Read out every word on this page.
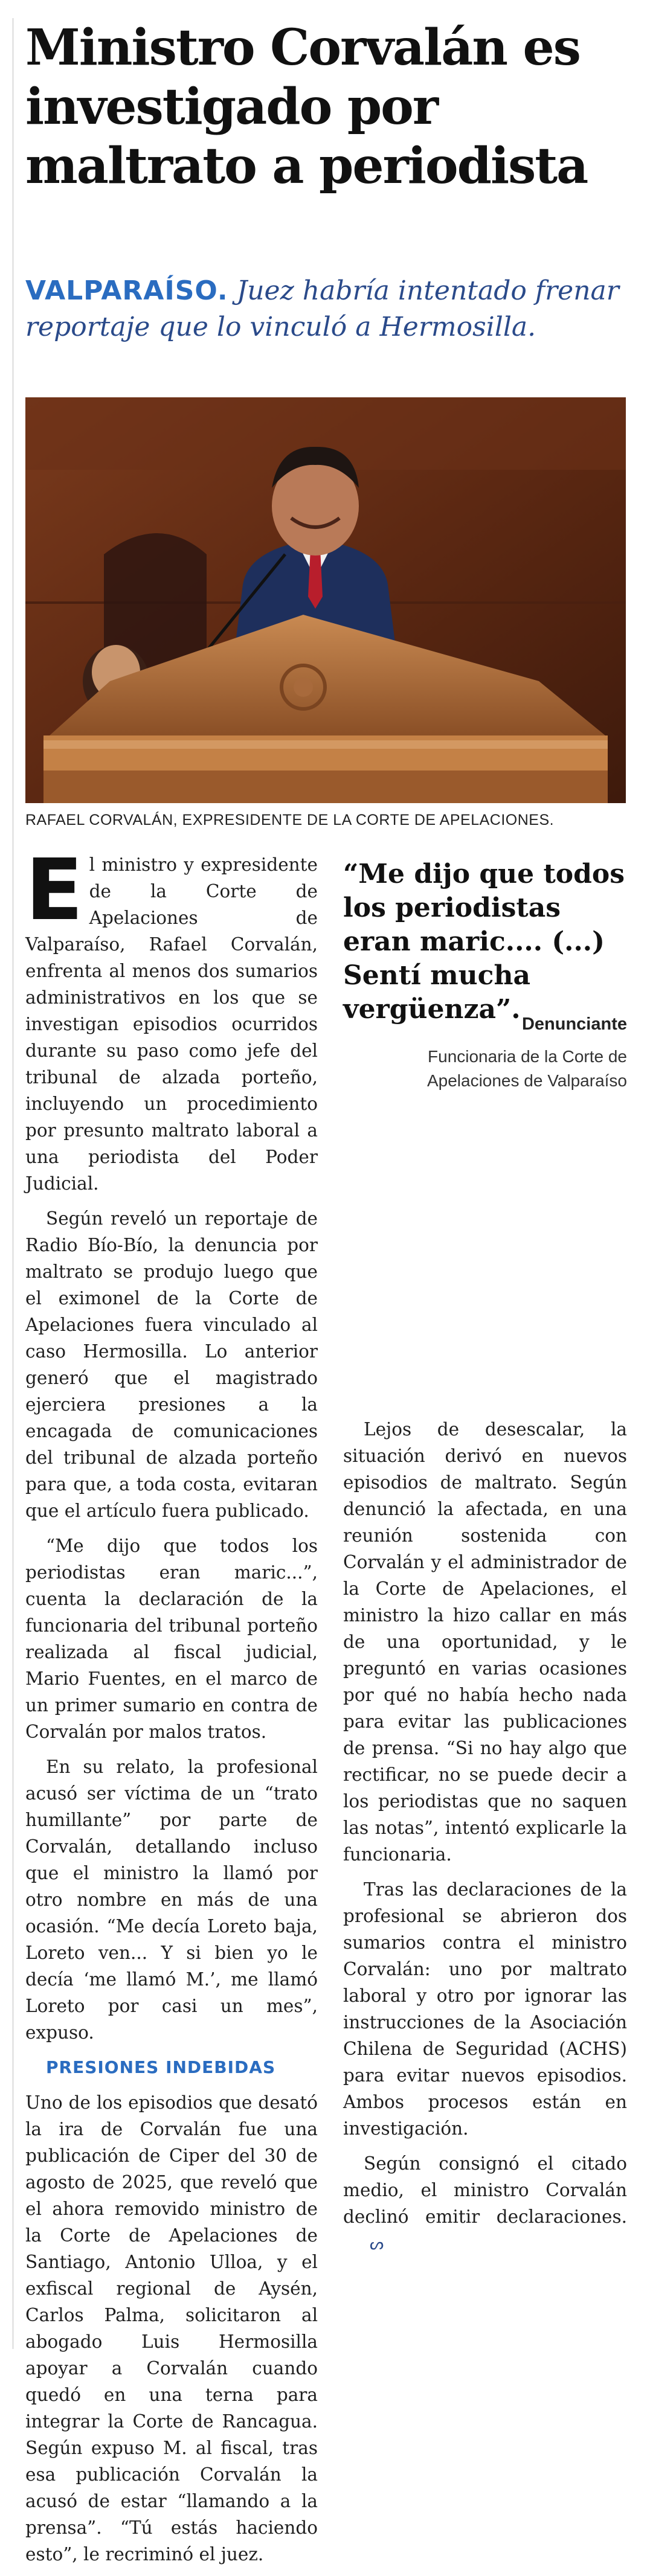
Ministro Corvalán es investigado por maltrato a periodista

VALPARAÍSO. Juez habría intentado frenar reportaje que lo vinculó a Hermosilla.

RAFAEL CORVALÁN, EXPRESIDENTE DE LA CORTE DE APELACIONES.

El ministro y expresidente de la Corte de Apelaciones de Valparaíso, Rafael Corvalán, enfrenta al menos dos sumarios administrativos en los que se investigan episodios ocurridos durante su paso como jefe del tribunal de alzada porteño, incluyendo un procedimiento por presunto maltrato laboral a una periodista del Poder Judicial.

Según reveló un reportaje de Radio Bío-Bío, la denuncia por maltrato se produjo luego que el eximonel de la Corte de Apelaciones fuera vinculado al caso Hermosilla. Lo anterior generó que el magistrado ejerciera presiones a la encagada de comunicaciones del tribunal de alzada porteño para que, a toda costa, evitaran que el artículo fuera publicado.

“Me dijo que todos los periodistas eran maric...”, cuenta la declaración de la funcionaria del tribunal porteño realizada al fiscal judicial, Mario Fuentes, en el marco de un primer sumario en contra de Corvalán por malos tratos.

En su relato, la profesional acusó ser víctima de un “trato humillante” por parte de Corvalán, detallando incluso que el ministro la llamó por otro nombre en más de una ocasión. “Me decía Loreto baja, Loreto ven... Y si bien yo le decía ‘me llamó M.’, me llamó Loreto por casi un mes”, expuso.

PRESIONES INDEBIDAS

Uno de los episodios que desató la ira de Corvalán fue una publicación de Ciper del 30 de agosto de 2025, que reveló que el ahora removido ministro de la Corte de Apelaciones de Santiago, Antonio Ulloa, y el exfiscal regional de Aysén, Carlos Palma, solicitaron al abogado Luis Hermosilla apoyar a Corvalán cuando quedó en una terna para integrar la Corte de Rancagua. Según expuso M. al fiscal, tras esa publicación Corvalán la acusó de estar “llamando a la prensa”. “Tú estás haciendo esto”, le recriminó el juez.

“Me dijo que todos los periodistas eran maric.... (...) Sentí mucha vergüenza”. Denunciante
Funcionaria de la Corte de Apelaciones de Valparaíso

Lejos de desescalar, la situación derivó en nuevos episodios de maltrato. Según denunció la afectada, en una reunión sostenida con Corvalán y el administrador de la Corte de Apelaciones, el ministro la hizo callar en más de una oportunidad, y le preguntó en varias ocasiones por qué no había hecho nada para evitar las publicaciones de prensa. “Si no hay algo que rectificar, no se puede decir a los periodistas que no saquen las notas”, intentó explicarle la funcionaria.

Tras las declaraciones de la profesional se abrieron dos sumarios contra el ministro Corvalán: uno por maltrato laboral y otro por ignorar las instrucciones de la Asociación Chilena de Seguridad (ACHS) para evitar nuevos episodios. Ambos procesos están en investigación.

Según consignó el citado medio, el ministro Corvalán declinó emitir declaraciones.ᔕ
